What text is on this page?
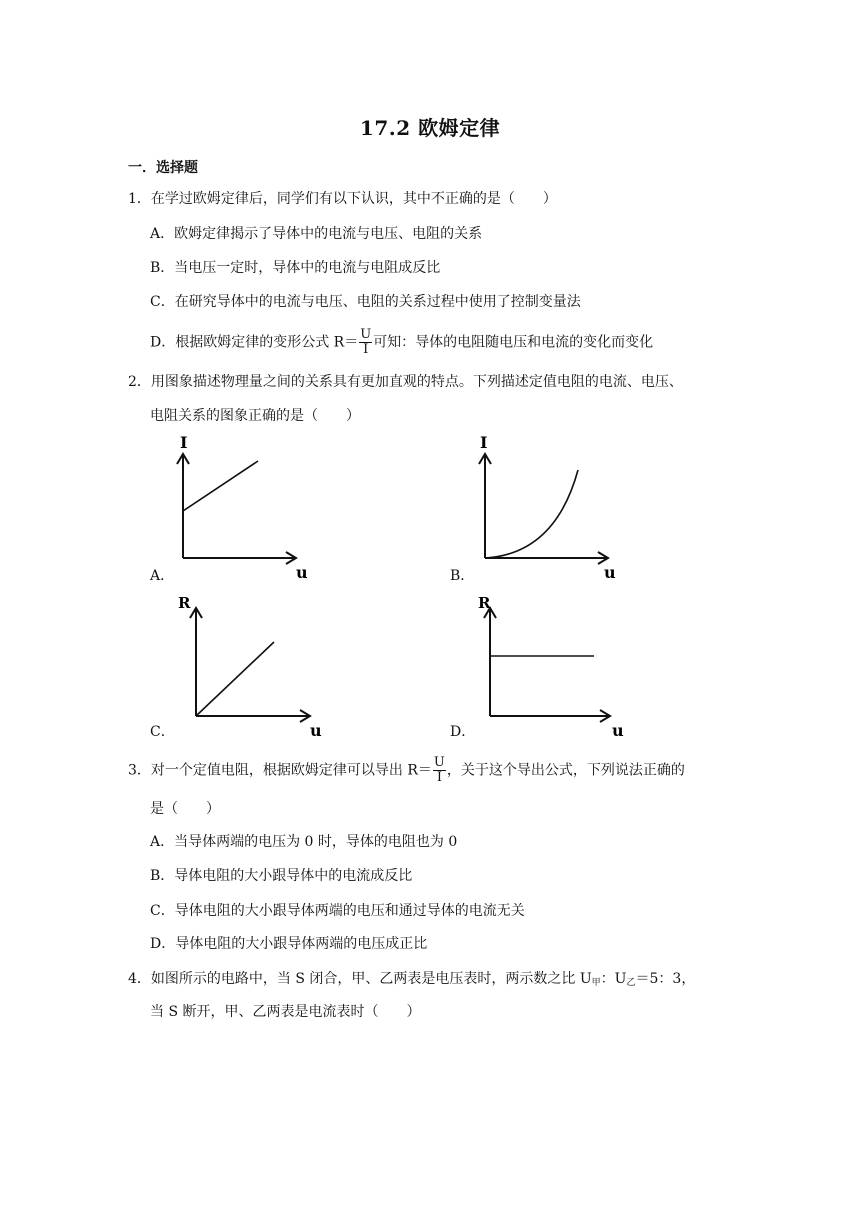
17.2 欧姆定律
一．选择题
1．在学过欧姆定律后，同学们有以下认识，其中不正确的是（　　）
A．欧姆定律揭示了导体中的电流与电压、电阻的关系
B．当电压一定时，导体中的电流与电阻成反比
C．在研究导体中的电流与电压、电阻的关系过程中使用了控制变量法
D．根据欧姆定律的变形公式 $R= \frac{U}{I}$ 可知：导体的电阻随电压和电流的变化而变化
2．用图象描述物理量之间的关系具有更加直观的特点。下列描述定值电阻的电流、电压、
电阻关系的图象正确的是（　　）
I
u
A．
I
u
B．
R
u
C．
R
u
D．
3．对一个定值电阻，根据欧姆定律可以导出 $R= \frac{U}{I}$ ，关于这个导出公式，下列说法正确的
是（　　）
A．当导体两端的电压为 0 时，导体的电阻也为 0
B．导体电阻的大小跟导体中的电流成反比
C．导体电阻的大小跟导体两端的电压和通过导体的电流无关
D．导体电阻的大小跟导体两端的电压成正比
4．如图所示的电路中，当 S 闭合，甲、乙两表是电压表时，两示数之比 $U_甲$：$U_乙=5$：3，
当 S 断开，甲、乙两表是电流表时（　　）
